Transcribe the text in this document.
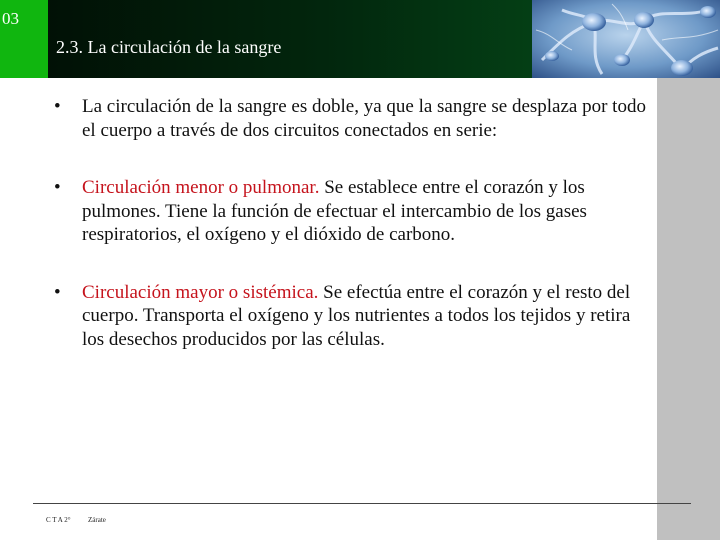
03
2.3. La circulación de la sangre
• La circulación de la sangre es doble, ya que la sangre se desplaza por todo el cuerpo a través de dos circuitos conectados en serie:
• Circulación menor o pulmonar. Se establece entre el corazón y los pulmones. Tiene la función de efectuar el intercambio de los gases respiratorios, el oxígeno y el dióxido de carbono.
• Circulación mayor o sistémica. Se efectúa entre el corazón y el resto del cuerpo. Transporta el oxígeno y los nutrientes a todos los tejidos y retira los desechos producidos por las células.
C T A 2° Zárate
